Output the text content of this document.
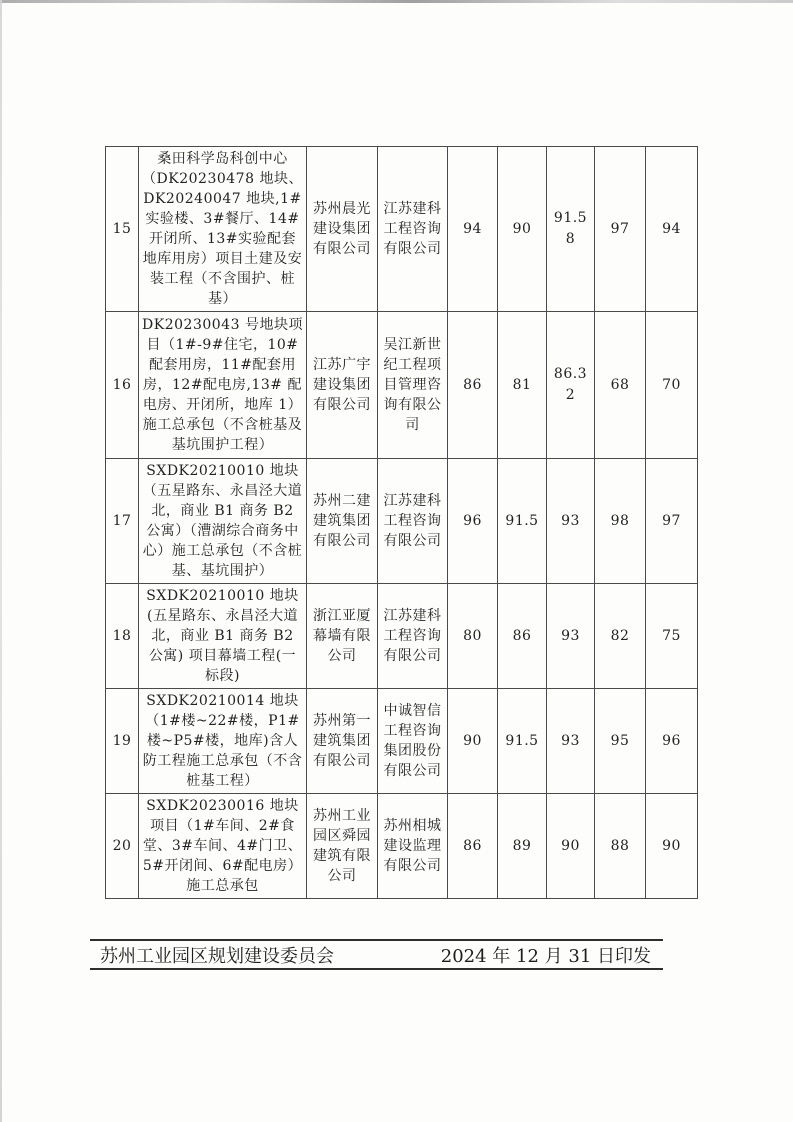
15	桑田科学岛科创中心（DK20230478 地块、DK20240047 地块,1#实验楼、3#餐厅、14#开闭所、13#实验配套地库用房）项目土建及安装工程（不含围护、桩基）	苏州晨光建设集团有限公司	江苏建科工程咨询有限公司	94	90	91.58	97	94
16	DK20230043 号地块项目（1#-9#住宅，10#配套用房，11#配套用房，12#配电房,13# 配电房、开闭所，地库 1）施工总承包（不含桩基及基坑围护工程）	江苏广宇建设集团有限公司	吴江新世纪工程项目管理咨询有限公司	86	81	86.32	68	70
17	SXDK20210010 地块（五星路东、永昌泾大道北，商业 B1 商务 B2 公寓）（漕湖综合商务中心）施工总承包（不含桩基、基坑围护）	苏州二建建筑集团有限公司	江苏建科工程咨询有限公司	96	91.5	93	98	97
18	SXDK20210010 地块(五星路东、永昌泾大道北，商业 B1 商务 B2 公寓) 项目幕墙工程(一标段)	浙江亚厦幕墙有限公司	江苏建科工程咨询有限公司	80	86	93	82	75
19	SXDK20210014 地块（1#楼~22#楼，P1#楼~P5#楼，地库)含人防工程施工总承包（不含桩基工程）	苏州第一建筑集团有限公司	中诚智信工程咨询集团股份有限公司	90	91.5	93	95	96
20	SXDK20230016 地块项目（1#车间、2#食堂、3#车间、4#门卫、5#开闭间、6#配电房）施工总承包	苏州工业园区舜园建筑有限公司	苏州相城建设监理有限公司	86	89	90	88	90
苏州工业园区规划建设委员会	2024 年 12 月 31 日印发
